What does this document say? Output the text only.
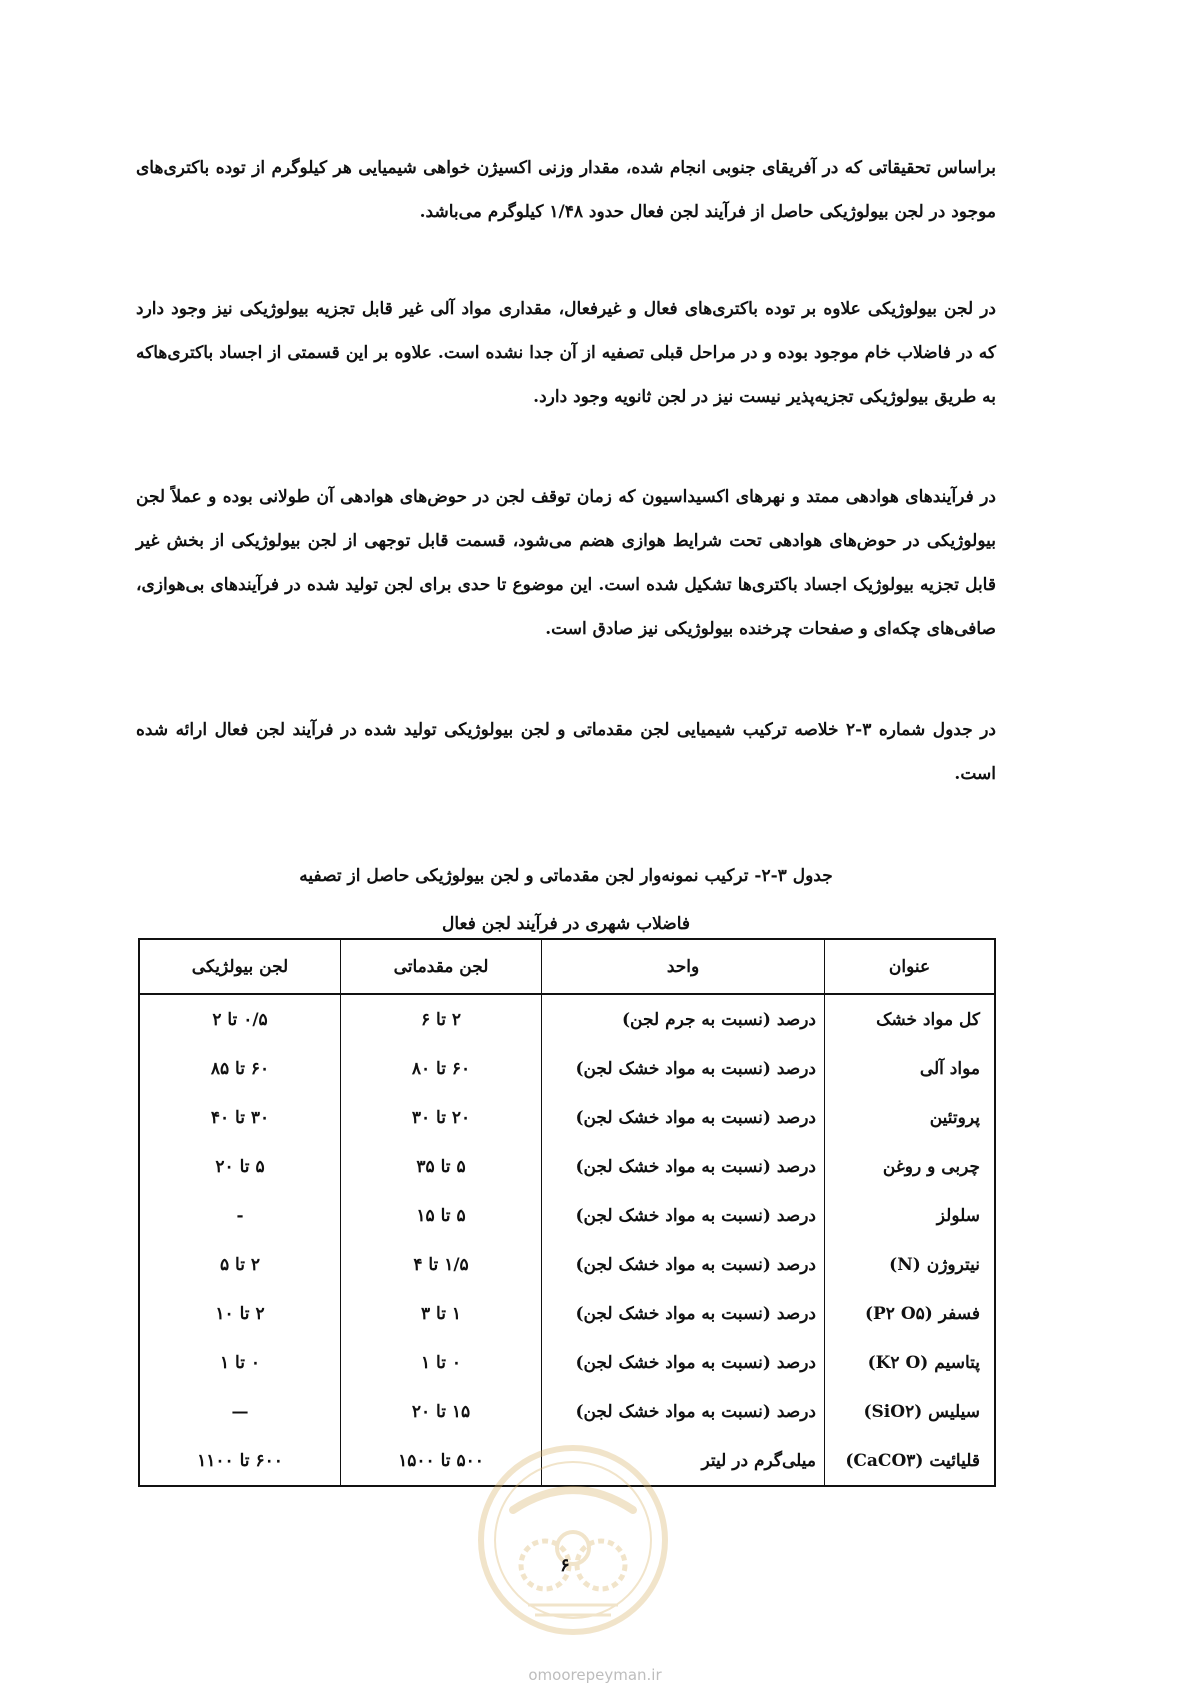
براساس تحقیقاتی که در آفریقای جنوبی انجام شده، مقدار وزنی اکسیژن خواهی شیمیایی هر کیلوگرم از توده باکتری‌های موجود در لجن بیولوژیکی حاصل از فرآیند لجن فعال حدود ۱/۴۸ کیلوگرم می‌باشد.

در لجن بیولوژیکی علاوه بر توده باکتری‌های فعال و غیرفعال، مقداری مواد آلی غیر قابل تجزیه بیولوژیکی نیز وجود دارد که در فاضلاب خام موجود بوده و در مراحل قبلی تصفیه از آن جدا نشده است. علاوه بر این قسمتی از اجساد باکتری‌هاکه به طریق بیولوژیکی تجزیه‌پذیر نیست نیز در لجن ثانویه وجود دارد.

در فرآیندهای هوادهی ممتد و نهرهای اکسیداسیون که زمان توقف لجن در حوض‌های هوادهی آن طولانی بوده و عملاً لجن بیولوژیکی در حوض‌های هوادهی تحت شرایط هوازی هضم می‌شود، قسمت قابل توجهی از لجن بیولوژیکی از بخش غیر قابل تجزیه بیولوژیک اجساد باکتری‌ها تشکیل شده است. این موضوع تا حدی برای لجن تولید شده در فرآیندهای بی‌هوازی، صافی‌های چکه‌ای و صفحات چرخنده بیولوژیکی نیز صادق است.

در جدول شماره ۳-۲ خلاصه ترکیب شیمیایی لجن مقدماتی و لجن بیولوژیکی تولید شده در فرآیند لجن فعال ارائه شده است.

جدول ۳-۲- ترکیب نمونه‌وار لجن مقدماتی و لجن بیولوژیکی حاصل از تصفیه

فاضلاب شهری در فرآیند لجن فعال

عنوان	واحد	لجن مقدماتی	لجن بیولژیکی
کل مواد خشک	درصد (نسبت به جرم لجن)	۲ تا ۶	۰/۵ تا ۲
مواد آلی	درصد (نسبت به مواد خشک لجن)	۶۰ تا ۸۰	۶۰ تا ۸۵
پروتئین	درصد (نسبت به مواد خشک لجن)	۲۰ تا ۳۰	۳۰ تا ۴۰
چربی و روغن	درصد (نسبت به مواد خشک لجن)	۵ تا ۳۵	۵ تا ۲۰
سلولز	درصد (نسبت به مواد خشک لجن)	۵ تا ۱۵	-
نیتروژن (N)	درصد (نسبت به مواد خشک لجن)	۱/۵ تا ۴	۲ تا ۵
فسفر (P۲ O۵)	درصد (نسبت به مواد خشک لجن)	۱ تا ۳	۲ تا ۱۰
پتاسیم (K۲ O)	درصد (نسبت به مواد خشک لجن)	۰ تا ۱	۰ تا ۱
سیلیس (SiO۲)	درصد (نسبت به مواد خشک لجن)	۱۵ تا ۲۰	—
قلیائیت (CaCO۳)	میلی‌گرم در لیتر	۵۰۰ تا ۱۵۰۰	۶۰۰ تا ۱۱۰۰
۶
omoorepeyman.ir
